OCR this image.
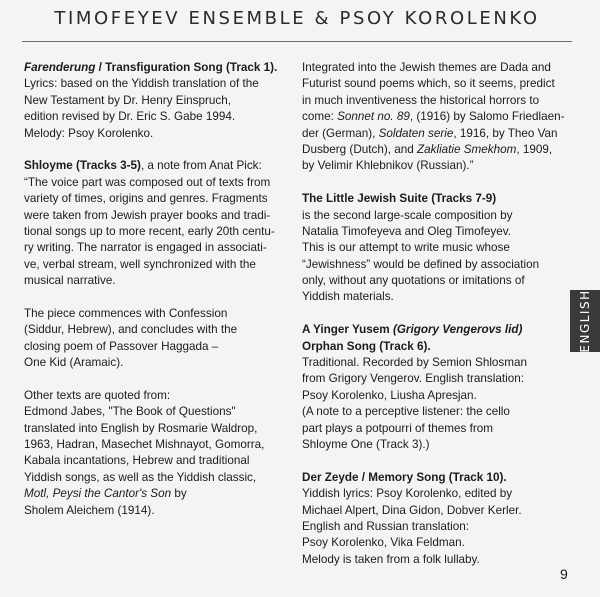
TIMOFEYEV ENSEMBLE & PSOY KOROLENKO
Farenderung / Transfiguration Song (Track 1).
Lyrics: based on the Yiddish translation of the
New Testament by Dr. Henry Einspruch,
edition revised by Dr. Eric S. Gabe 1994.
Melody: Psoy Korolenko.
Shloyme (Tracks 3-5), a note from Anat Pick:
“The voice part was composed out of texts from
variety of times, origins and genres. Fragments
were taken from Jewish prayer books and tradi-
tional songs up to more recent, early 20th centu-
ry writing. The narrator is engaged in associati-
ve, verbal stream, well synchronized with the
musical narrative.
The piece commences with Confession
(Siddur, Hebrew), and concludes with the
closing poem of Passover Haggada –
One Kid (Aramaic).
Other texts are quoted from:
Edmond Jabes, "The Book of Questions"
translated into English by Rosmarie Waldrop,
1963, Hadran, Masechet Mishnayot, Gomorra,
Kabala incantations, Hebrew and traditional
Yiddish songs, as well as the Yiddish classic,
Motl, Peysi the Cantor's Son by
Sholem Aleichem (1914).
Integrated into the Jewish themes are Dada and
Futurist sound poems which, so it seems, predict
in much inventiveness the historical horrors to
come: Sonnet no. 89, (1916) by Salomo Friedlaen-
der (German), Soldaten serie, 1916, by Theo Van
Dusberg (Dutch), and Zakliatie Smekhom, 1909,
by Velimir Khlebnikov (Russian).”
The Little Jewish Suite (Tracks 7-9)
is the second large-scale composition by
Natalia Timofeyeva and Oleg Timofeyev.
This is our attempt to write music whose
“Jewishness” would be defined by association
only, without any quotations or imitations of
Yiddish materials.
A Yinger Yusem (Grigory Vengerovs lid)
Orphan Song (Track 6).
Traditional. Recorded by Semion Shlosman
from Grigory Vengerov. English translation:
Psoy Korolenko, Liusha Apresjan.
(A note to a perceptive listener: the cello
part plays a potpourri of themes from
Shloyme One (Track 3).)
Der Zeyde / Memory Song (Track 10).
Yiddish lyrics: Psoy Korolenko, edited by
Michael Alpert, Dina Gidon, Dobver Kerler.
English and Russian translation:
Psoy Korolenko, Vika Feldman.
Melody is taken from a folk lullaby.
ENGLISH
9
